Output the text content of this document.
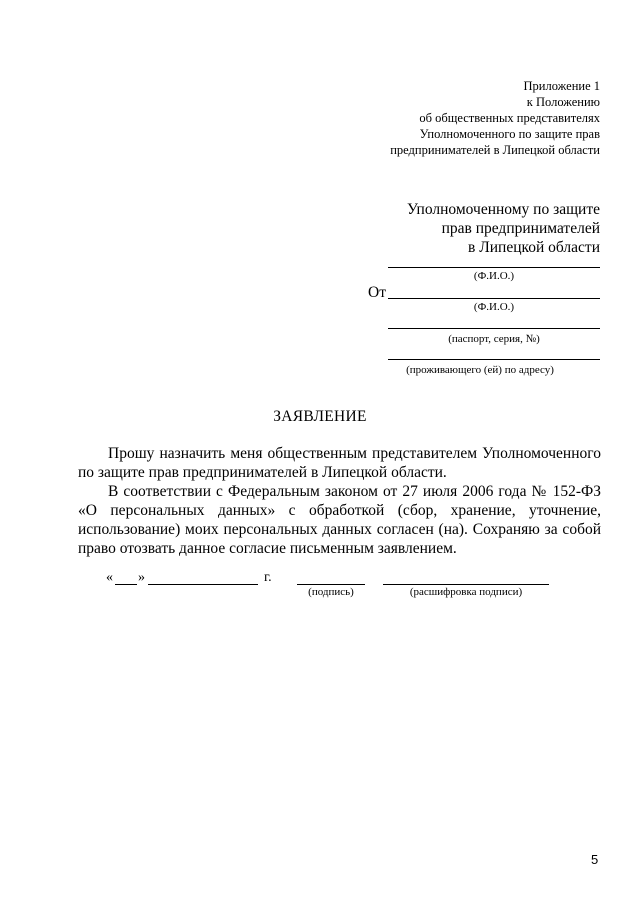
Приложение 1
к Положению
об общественных представителях
Уполномоченного по защите прав
предпринимателей в Липецкой области
Уполномоченному по защите
прав предпринимателей
в Липецкой области
(Ф.И.О.)
От
(Ф.И.О.)
(паспорт, серия, №)
(проживающего (ей) по адресу)
ЗАЯВЛЕНИЕ

Прошу назначить меня общественным представителем Уполномоченного по защите прав предпринимателей в Липецкой области.

В соответствии с Федеральным законом от 27 июля 2006 года № 152-ФЗ «О персональных данных» с обработкой (сбор, хранение, уточнение, использование) моих персональных данных согласен (на). Сохраняю за собой право отозвать данное согласие письменным заявлением.

« »	г.
(подпись)	(расшифровка подписи)
5
